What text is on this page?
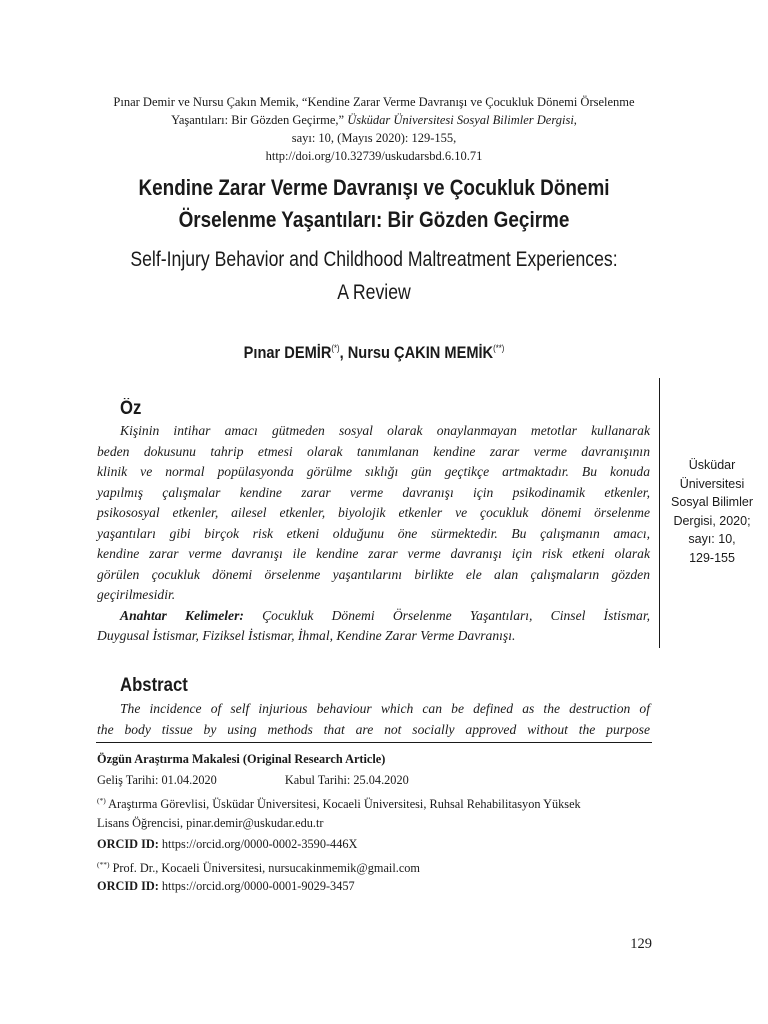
Pınar Demir ve Nursu Çakın Memik, “Kendine Zarar Verme Davranışı ve Çocukluk Dönemi Örselenme
Yaşantıları: Bir Gözden Geçirme,” Üsküdar Üniversitesi Sosyal Bilimler Dergisi,
sayı: 10, (Mayıs 2020): 129-155,
http://doi.org/10.32739/uskudarsbd.6.10.71
Kendine Zarar Verme Davranışı ve Çocukluk Dönemi
Örselenme Yaşantıları: Bir Gözden Geçirme
Self-Injury Behavior and Childhood Maltreatment Experiences:
A Review
Pınar DEMİR(*), Nursu ÇAKIN MEMİK(**)
Öz
Kişinin intihar amacı gütmeden sosyal olarak onaylanmayan metotlar kullanarak
beden dokusunu tahrip etmesi olarak tanımlanan kendine zarar verme davranışının
klinik ve normal popülasyonda görülme sıklığı gün geçtikçe artmaktadır. Bu konuda
yapılmış çalışmalar kendine zarar verme davranışı için psikodinamik etkenler,
psikososyal etkenler, ailesel etkenler, biyolojik etkenler ve çocukluk dönemi örselenme
yaşantıları gibi birçok risk etkeni olduğunu öne sürmektedir. Bu çalışmanın amacı,
kendine zarar verme davranışı ile kendine zarar verme davranışı için risk etkeni olarak
görülen çocukluk dönemi örselenme yaşantılarını birlikte ele alan çalışmaların gözden
geçirilmesidir.
Anahtar Kelimeler: Çocukluk Dönemi Örselenme Yaşantıları, Cinsel İstismar,
Duygusal İstismar, Fiziksel İstismar, İhmal, Kendine Zarar Verme Davranışı.
Üsküdar
Üniversitesi
Sosyal Bilimler
Dergisi, 2020;
sayı: 10,
129-155
Abstract
The incidence of self injurious behaviour which can be defined as the destruction of
the body tissue by using methods that are not socially approved without the purpose
Özgün Araştırma Makalesi (Original Research Article)
Geliş Tarihi: 01.04.2020	Kabul Tarihi: 25.04.2020
(*) Araştırma Görevlisi, Üsküdar Üniversitesi, Kocaeli Üniversitesi, Ruhsal Rehabilitasyon Yüksek
Lisans Öğrencisi, pinar.demir@uskudar.edu.tr
ORCID ID: https://orcid.org/0000-0002-3590-446X
(**) Prof. Dr., Kocaeli Üniversitesi, nursucakinmemik@gmail.com
ORCID ID: https://orcid.org/0000-0001-9029-3457
129
